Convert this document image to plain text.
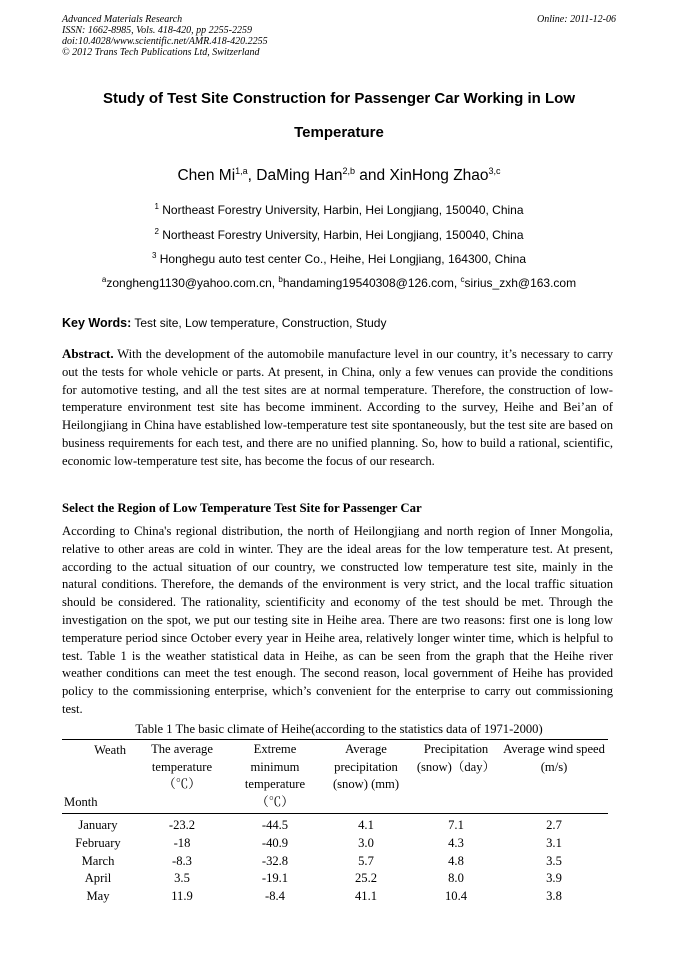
Advanced Materials Research
ISSN: 1662-8985, Vols. 418-420, pp 2255-2259
doi:10.4028/www.scientific.net/AMR.418-420.2255
© 2012 Trans Tech Publications Ltd, Switzerland
Online: 2011-12-06
Study of Test Site Construction for Passenger Car Working in Low
Temperature
Chen Mi$^{1,a}$, DaMing Han$^{2,b}$ and XinHong Zhao$^{3,c}$
$^1$ Northeast Forestry University, Harbin, Hei Longjiang, 150040, China
$^2$ Northeast Forestry University, Harbin, Hei Longjiang, 150040, China
$^3$ Honghegu auto test center Co., Heihe, Hei Longjiang, 164300, China
$^a$zongheng1130@yahoo.com.cn, $^b$handaming19540308@126.com, $^c$sirius_zxh@163.com
Key Words: Test site, Low temperature, Construction, Study

Abstract. With the development of the automobile manufacture level in our country, it’s necessary to carry out the tests for whole vehicle or parts. At present, in China, only a few venues can provide the conditions for automotive testing, and all the test sites are at normal temperature. Therefore, the construction of low-temperature environment test site has become imminent. According to the survey, Heihe and Bei’an of Heilongjiang in China have established low-temperature test site spontaneously, but the test site are based on business requirements for each test, and there are no unified planning. So, how to build a rational, scientific, economic low-temperature test site, has become the focus of our research.

Select the Region of Low Temperature Test Site for Passenger Car

According to China's regional distribution, the north of Heilongjiang and north region of Inner Mongolia, relative to other areas are cold in winter. They are the ideal areas for the low temperature test. At present, according to the actual situation of our country, we constructed low temperature test site, mainly in the natural conditions. Therefore, the demands of the environment is very strict, and the local traffic situation should be considered. The rationality, scientificity and economy of the test should be met. Through the investigation on the spot, we put our testing site in Heihe area. There are two reasons: first one is long low temperature period since October every year in Heihe area, relatively longer winter time, which is helpful to test. Table 1 is the weather statistical data in Heihe, as can be seen from the graph that the Heihe river weather conditions can meet the test enough. The second reason, local government of Heihe has provided policy to the commissioning enterprise, which’s convenient for the enterprise to carry out commissioning test.

Table 1 The basic climate of Heihe(according to the statistics data of 1971-2000)
Weath
Month	The average temperature （℃）	Extreme minimum temperature （℃）	Average precipitation (snow) (mm)	Precipitation (snow)（day）	Average wind speed (m/s)
January	-23.2	-44.5	4.1	7.1	2.7
February	-18	-40.9	3.0	4.3	3.1
March	-8.3	-32.8	5.7	4.8	3.5
April	3.5	-19.1	25.2	8.0	3.9
May	11.9	-8.4	41.1	10.4	3.8
